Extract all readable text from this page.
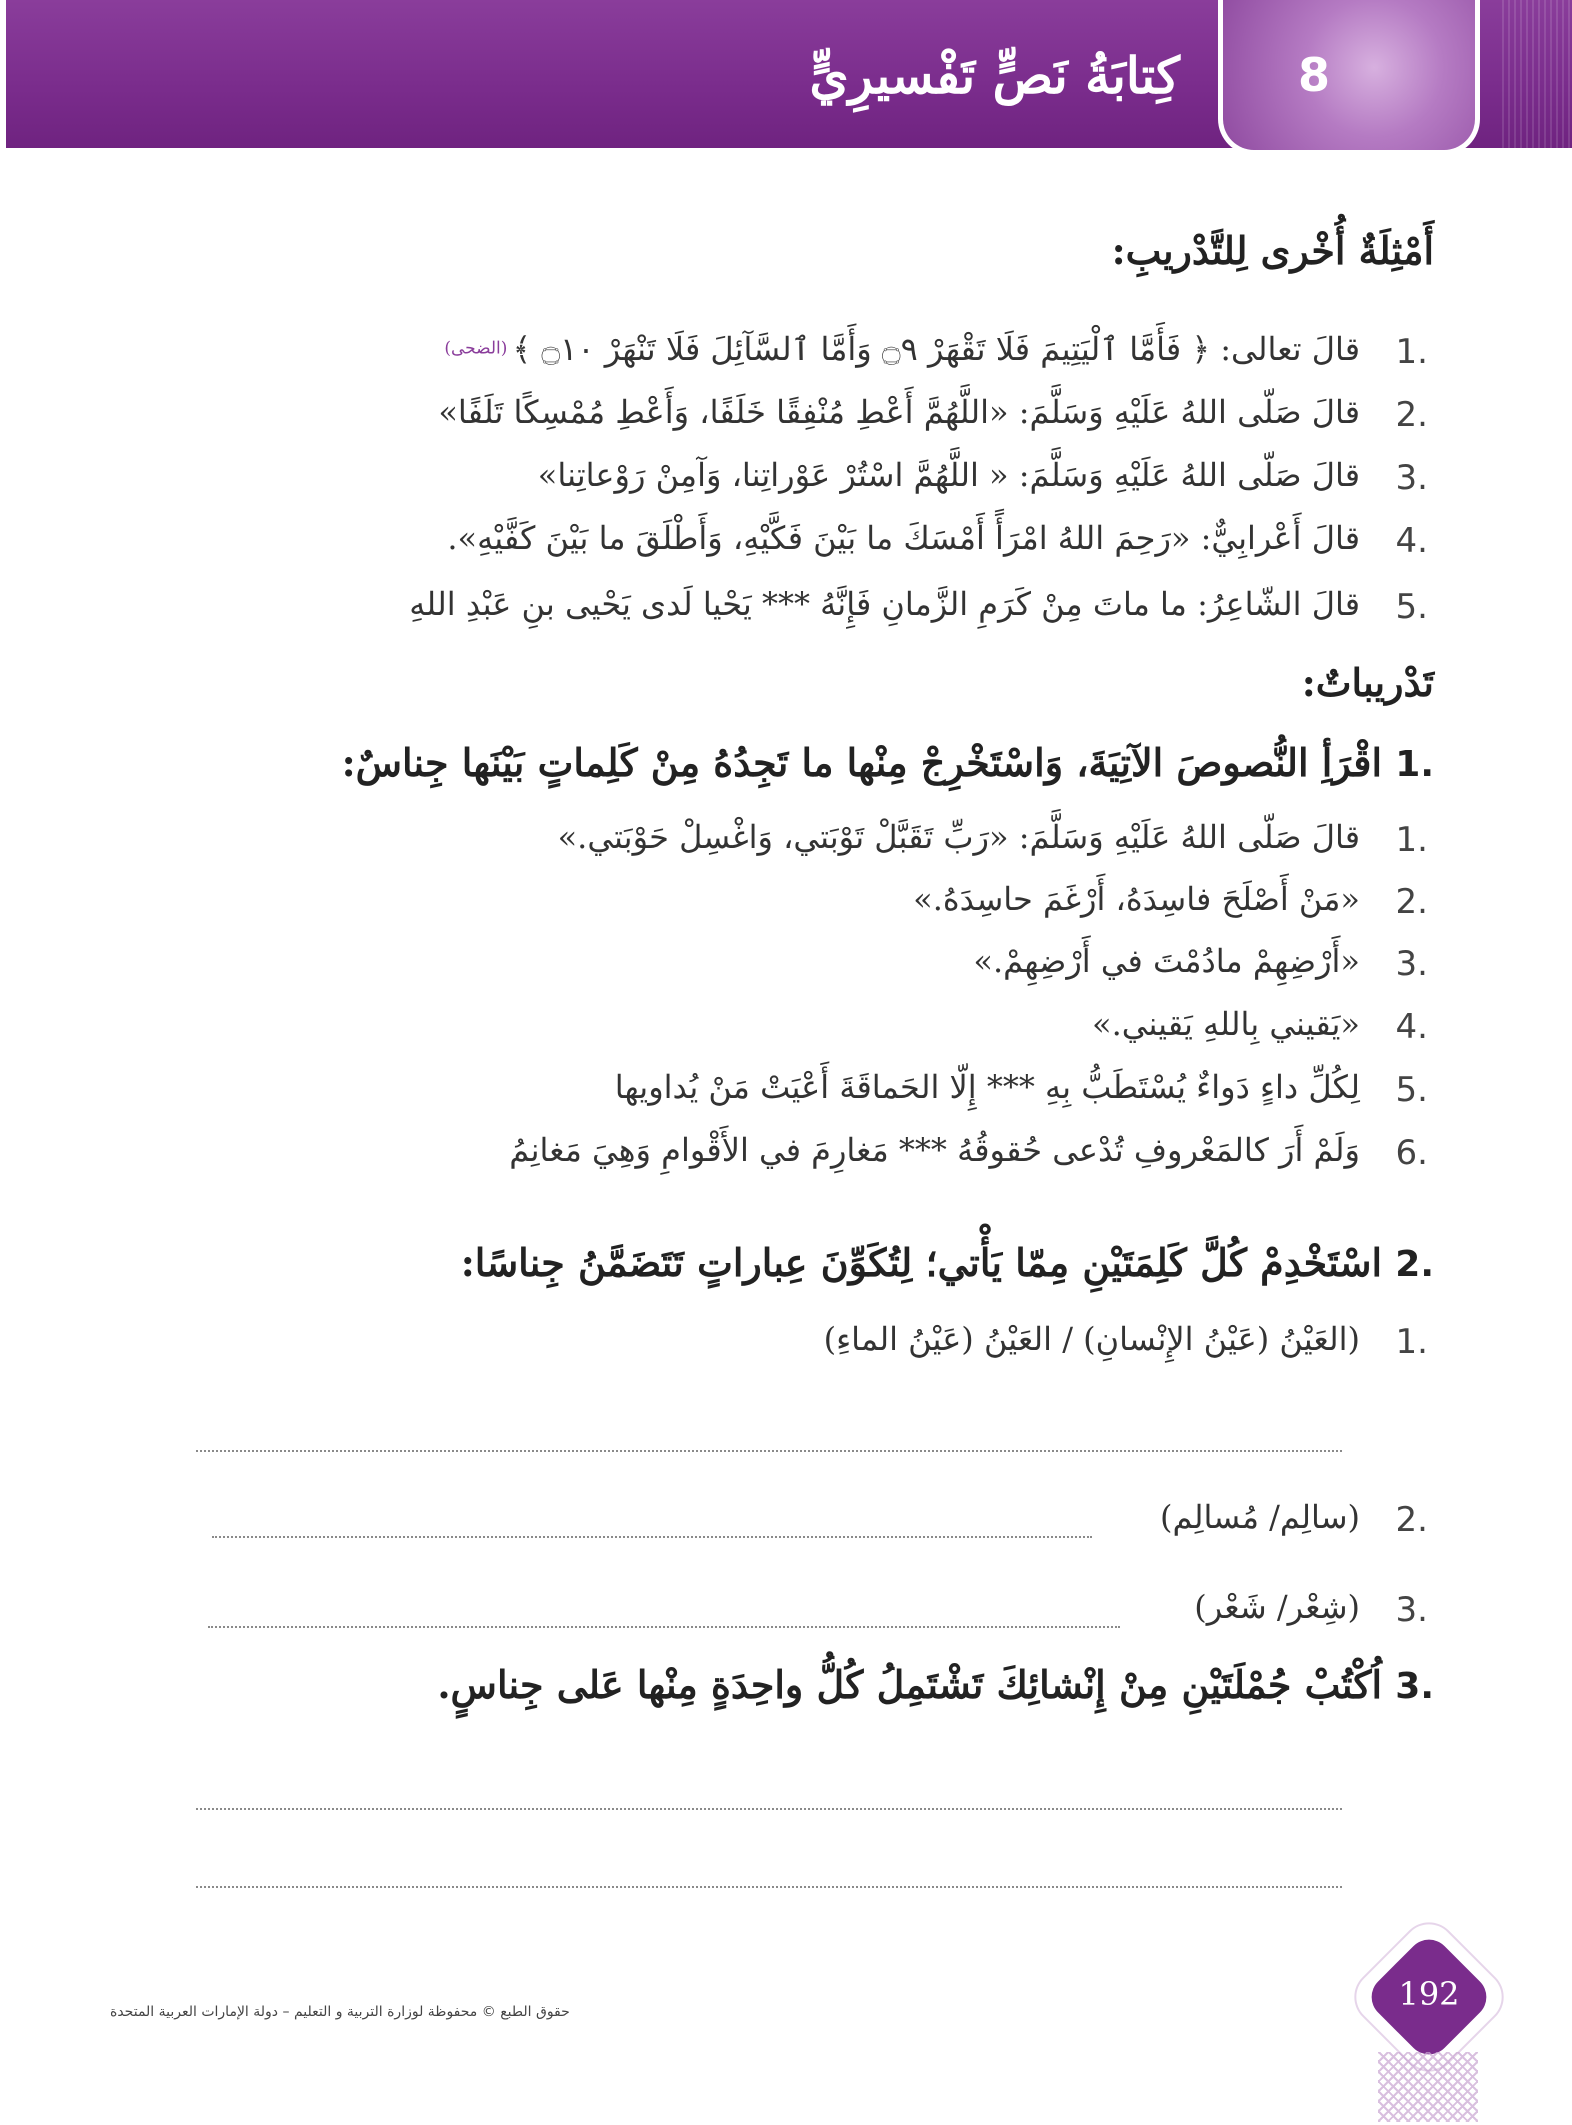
8
كِتابَةُ نَصٍّ تَفْسيرِيٍّ
أَمْثِلَةٌ أُخْرى لِلتَّدْريبِ:
1.
قالَ تعالى: ﴿ فَأَمَّا ٱلْيَتِيمَ فَلَا تَقْهَرْ ۝٩ وَأَمَّا ٱلسَّآئِلَ فَلَا تَنْهَرْ ۝١٠ ﴾ (الضحى)
2.
قالَ صَلّى اللهُ عَلَيْهِ وَسَلَّمَ: «اللَّهُمَّ أَعْطِ مُنْفِقًا خَلَفًا، وَأَعْطِ مُمْسِكًا تَلَفًا»
3.
قالَ صَلّى اللهُ عَلَيْهِ وَسَلَّمَ: « اللَّهُمَّ اسْتُرْ عَوْراتِنا، وَآمِنْ رَوْعاتِنا»
4.
قالَ أَعْرابِيٌّ: «رَحِمَ اللهُ امْرَأً أَمْسَكَ ما بَيْنَ فَكَّيْهِ، وَأَطْلَقَ ما بَيْنَ كَفَّيْهِ».
5.
قالَ الشّاعِرُ: ما ماتَ مِنْ كَرَمِ الزَّمانِ فَإِنَّهُ *** يَحْيا لَدى يَحْيى بنِ عَبْدِ اللهِ
تَدْريباتٌ:
1. اقْرَأِ النُّصوصَ الآتِيَةَ، وَاسْتَخْرِجْ مِنْها ما تَجِدُهُ مِنْ كَلِماتٍ بَيْنَها جِناسٌ:
1.
قالَ صَلّى اللهُ عَلَيْهِ وَسَلَّمَ: «رَبِّ تَقَبَّلْ تَوْبَتي، وَاغْسِلْ حَوْبَتي.»
2.
«مَنْ أَصْلَحَ فاسِدَهُ، أَرْغَمَ حاسِدَهُ.»
3.
«أَرْضِهِمْ مادُمْتَ في أَرْضِهِمْ.»
4.
«يَقيني بِاللهِ يَقيني.»
5.
لِكُلِّ داءٍ دَواءٌ يُسْتَطَبُّ بِهِ *** إِلّا الحَماقَةَ أَعْيَتْ مَنْ يُداويها
6.
وَلَمْ أَرَ كالمَعْروفِ تُدْعى حُقوقُهُ *** مَغارِمَ في الأَقْوامِ وَهِيَ مَغانِمُ
2. اسْتَخْدِمْ كُلَّ كَلِمَتَيْنِ مِمّا يَأْتي؛ لِتُكَوِّنَ عِباراتٍ تَتَضَمَّنُ جِناسًا:
1.
(العَيْنُ (عَيْنُ الإِنْسانِ) / العَيْنُ (عَيْنُ الماءِ)
2.
(سالِم/ مُسالِم)
3.
(شِعْر/ شَعْر)
3. اُكْتُبْ جُمْلَتَيْنِ مِنْ إِنْشائِكَ تَشْتَمِلُ كُلُّ واحِدَةٍ مِنْها عَلى جِناسٍ.
حقوق الطبع © محفوظة لوزارة التربية و التعليم – دولة الإمارات العربية المتحدة	192
